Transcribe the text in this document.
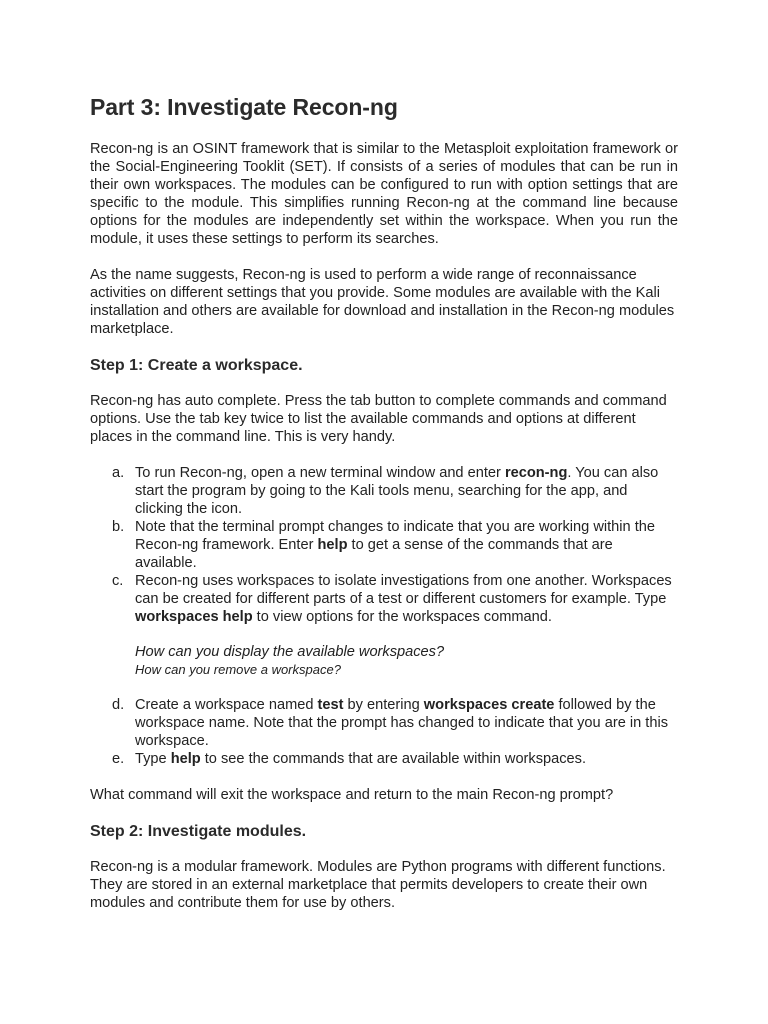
Part 3: Investigate Recon-ng

Recon-ng is an OSINT framework that is similar to the Metasploit exploitation framework or the Social-Engineering Tooklit (SET). If consists of a series of modules that can be run in their own workspaces. The modules can be configured to run with option settings that are specific to the module. This simplifies running Recon-ng at the command line because options for the modules are independently set within the workspace. When you run the module, it uses these settings to perform its searches.

As the name suggests, Recon-ng is used to perform a wide range of reconnaissance activities on different settings that you provide. Some modules are available with the Kali installation and others are available for download and installation in the Recon-ng modules marketplace.

Step 1: Create a workspace.

Recon-ng has auto complete. Press the tab button to complete commands and command options. Use the tab key twice to list the available commands and options at different places in the command line. This is very handy.

a. To run Recon-ng, open a new terminal window and enter recon-ng. You can also start the program by going to the Kali tools menu, searching for the app, and clicking the icon.
b. Note that the terminal prompt changes to indicate that you are working within the Recon-ng framework. Enter help to get a sense of the commands that are available.
c. Recon-ng uses workspaces to isolate investigations from one another. Workspaces can be created for different parts of a test or different customers for example. Type workspaces help to view options for the workspaces command.
How can you display the available workspaces?
How can you remove a workspace?
d. Create a workspace named test by entering workspaces create followed by the workspace name. Note that the prompt has changed to indicate that you are in this workspace.
e. Type help to see the commands that are available within workspaces.

What command will exit the workspace and return to the main Recon-ng prompt?

Step 2: Investigate modules.

Recon-ng is a modular framework. Modules are Python programs with different functions. They are stored in an external marketplace that permits developers to create their own modules and contribute them for use by others.
